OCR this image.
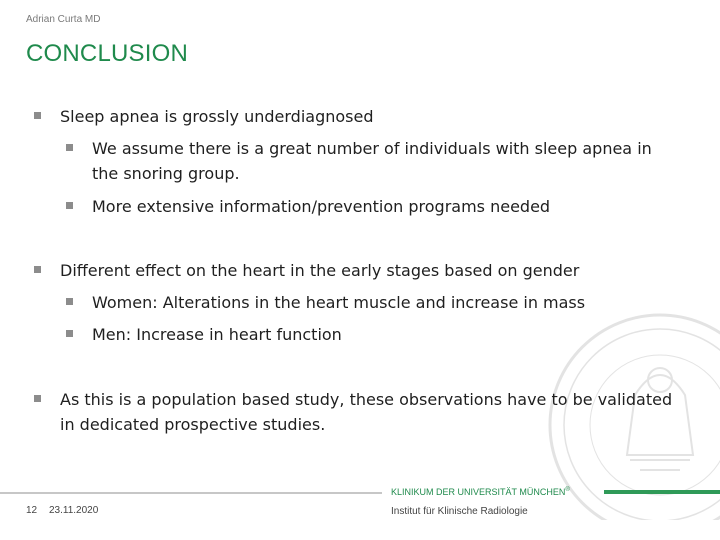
Adrian Curta MD
CONCLUSION
Sleep apnea is grossly underdiagnosed
We assume there is a great number of individuals with sleep apnea in the snoring group.
More extensive information/prevention programs needed
Different effect on the heart in the early stages based on gender
Women: Alterations in the heart muscle and increase in mass
Men: Increase in heart function
As this is a population based study, these observations have to be validated in dedicated prospective studies.
KLINIKUM DER UNIVERSITÄT MÜNCHEN®
12 23.11.2020	Institut für Klinische Radiologie
